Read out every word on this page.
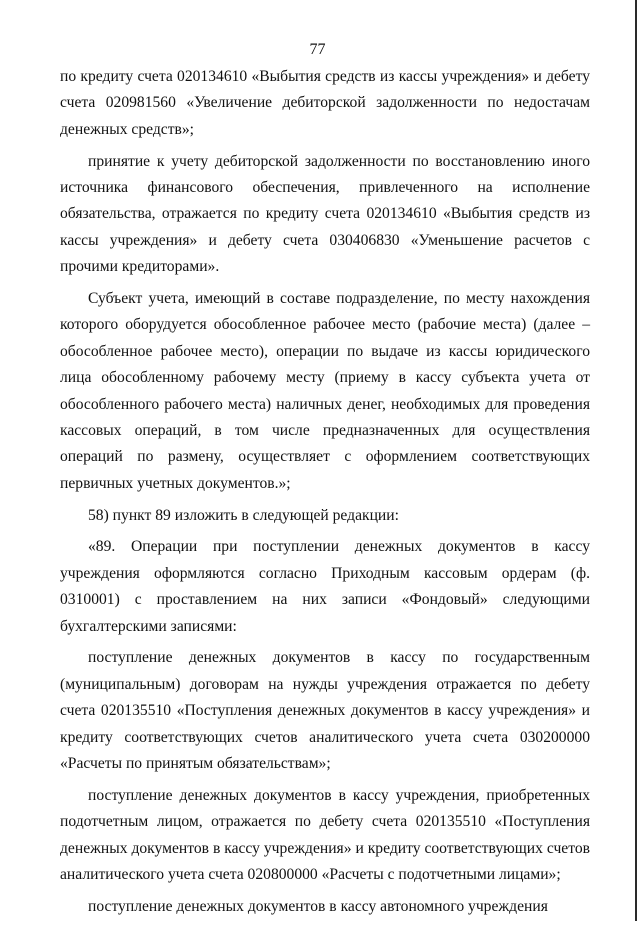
77

по кредиту счета 020134610 «Выбытия средств из кассы учреждения» и дебету счета 020981560 «Увеличение дебиторской задолженности по недостачам денежных средств»;

принятие к учету дебиторской задолженности по восстановлению иного источника финансового обеспечения, привлеченного на исполнение обязательства, отражается по кредиту счета 020134610 «Выбытия средств из кассы учреждения» и дебету счета 030406830 «Уменьшение расчетов с прочими кредиторами».

Субъект учета, имеющий в составе подразделение, по месту нахождения которого оборудуется обособленное рабочее место (рабочие места) (далее – обособленное рабочее место), операции по выдаче из кассы юридического лица обособленному рабочему месту (приему в кассу субъекта учета от обособленного рабочего места) наличных денег, необходимых для проведения кассовых операций, в том числе предназначенных для осуществления операций по размену, осуществляет с оформлением соответствующих первичных учетных документов.»;

58) пункт 89 изложить в следующей редакции:

«89. Операции при поступлении денежных документов в кассу учреждения оформляются согласно Приходным кассовым ордерам (ф. 0310001) с проставлением на них записи «Фондовый» следующими бухгалтерскими записями:

поступление денежных документов в кассу по государственным (муниципальным) договорам на нужды учреждения отражается по дебету счета 020135510 «Поступления денежных документов в кассу учреждения» и кредиту соответствующих счетов аналитического учета счета 030200000 «Расчеты по принятым обязательствам»;

поступление денежных документов в кассу учреждения, приобретенных подотчетным лицом, отражается по дебету счета 020135510 «Поступления денежных документов в кассу учреждения» и кредиту соответствующих счетов аналитического учета счета 020800000 «Расчеты с подотчетными лицами»;

поступление денежных документов в кассу автономного учреждения
